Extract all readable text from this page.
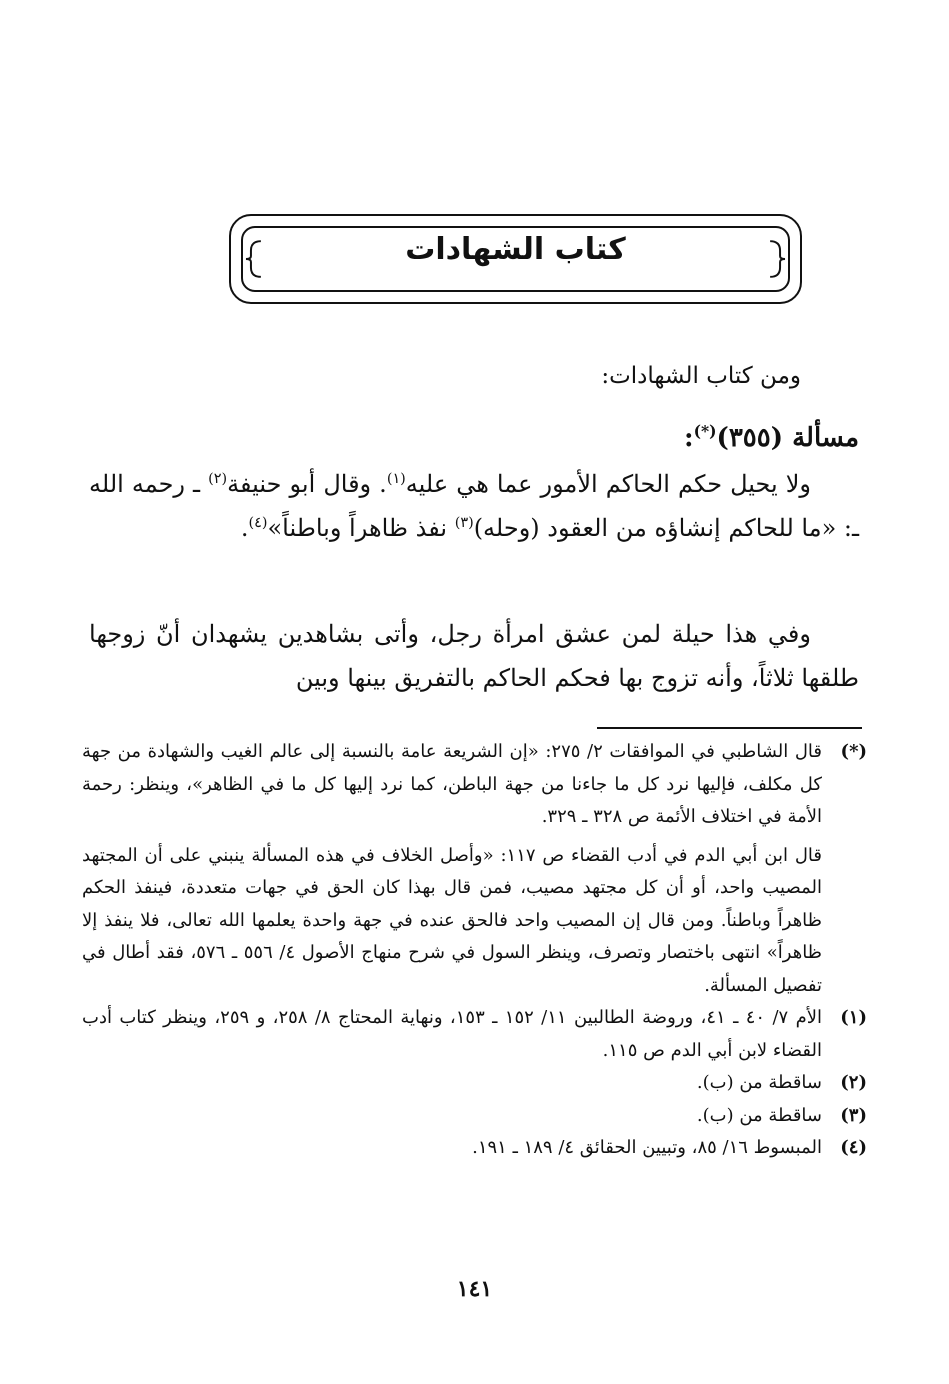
كتاب الشهادات
ومن كتاب الشهادات:
مسألة (٣٥٥)(*):
ولا يحيل حكم الحاكم الأمور عما هي عليه$^{(١)}$. وقال أبو حنيفة$^{(٢)}$ ـ رحمه الله ـ: «ما للحاكم إنشاؤه من العقود (وحله)$^{(٣)}$ نفذ ظاهراً وباطناً»$^{(٤)}$.
وفي هذا حيلة لمن عشق امرأة رجل، وأتى بشاهدين يشهدان أنّ زوجها طلقها ثلاثاً، وأنه تزوج بها فحكم الحاكم بالتفريق بينها وبين
(*)
قال الشاطبي في الموافقات ٢/ ٢٧٥: «إن الشريعة عامة بالنسبة إلى عالم الغيب والشهادة من جهة كل مكلف، فإليها نرد كل ما جاءنا من جهة الباطن، كما نرد إليها كل ما في الظاهر»، وينظر: رحمة الأمة في اختلاف الأئمة ص ٣٢٨ ـ ٣٢٩.
قال ابن أبي الدم في أدب القضاء ص ١١٧: «وأصل الخلاف في هذه المسألة ينبني على أن المجتهد المصيب واحد، أو أن كل مجتهد مصيب، فمن قال بهذا كان الحق في جهات متعددة، فينفذ الحكم ظاهراً وباطناً. ومن قال إن المصيب واحد فالحق عنده في جهة واحدة يعلمها الله تعالى، فلا ينفذ إلا ظاهراً» انتهى باختصار وتصرف، وينظر السول في شرح منهاج الأصول ٤/ ٥٥٦ ـ ٥٧٦، فقد أطال في تفصيل المسألة.
(١)
الأم ٧/ ٤٠ ـ ٤١، وروضة الطالبين ١١/ ١٥٢ ـ ١٥٣، ونهاية المحتاج ٨/ ٢٥٨، و ٢٥٩، وينظر كتاب أدب القضاء لابن أبي الدم ص ١١٥.
(٢)
ساقطة من (ب).
(٣)
ساقطة من (ب).
(٤)
المبسوط ١٦/ ٨٥، وتبيين الحقائق ٤/ ١٨٩ ـ ١٩١.
١٤١
